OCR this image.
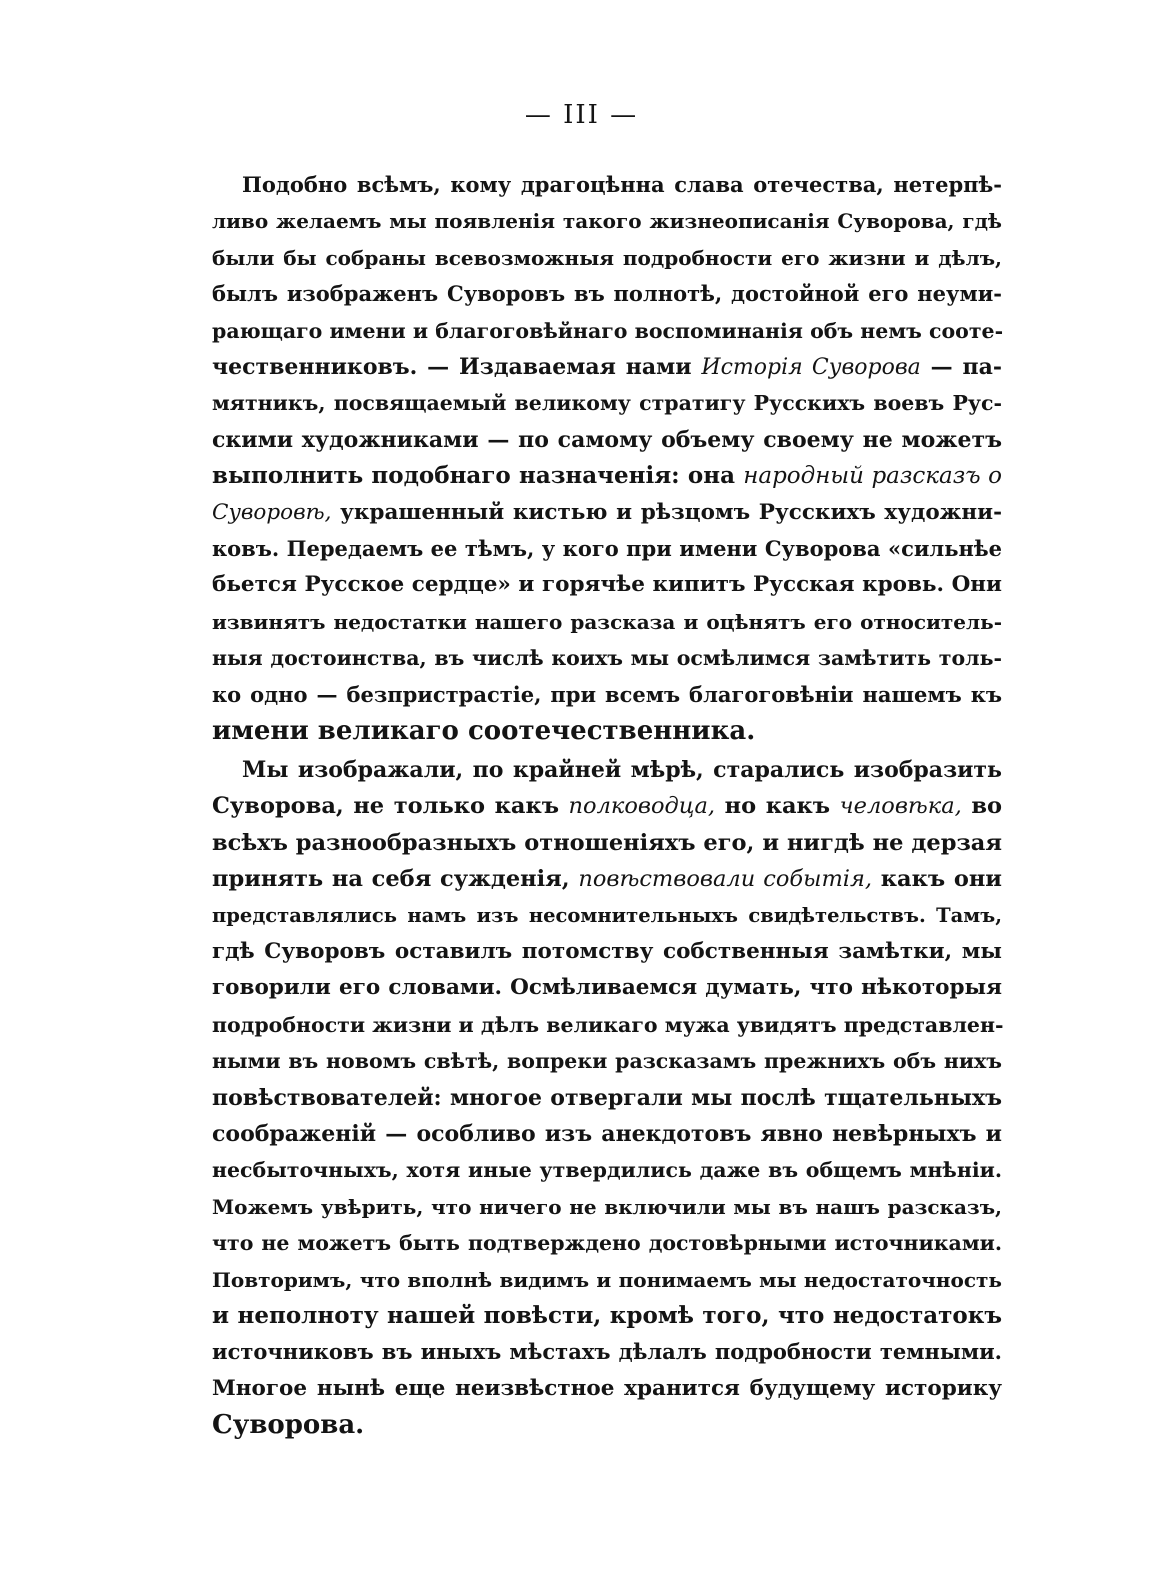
— III —
Подобно всѣмъ, кому драгоцѣнна слава отечества, нетерпѣ-
ливо желаемъ мы появленія такого жизнеописанія Суворова, гдѣ
были бы собраны всевозможныя подробности его жизни и дѣлъ,
былъ изображенъ Суворовъ въ полнотѣ, достойной его неуми-
рающаго имени и благоговѣйнаго воспоминанія объ немъ соотe-
чественниковъ. — Издаваемая нами Исторія Суворова — па-
мятникъ, посвящаемый великому стратигу Русскихъ воевъ Рус-
скими художниками — по самому объему своему не можетъ
выполнить подобнаго назначенія: она народный разсказъ о
Суворовѣ, украшенный кистью и рѣзцомъ Русскихъ художни-
ковъ. Передаемъ ее тѣмъ, у кого при имени Суворова «сильнѣе
бьется Русское сердце» и горячѣе кипитъ Русская кровь. Они
извинятъ недостатки нашего разсказа и оцѣнятъ его относитель-
ныя достоинства, въ числѣ коихъ мы осмѣлимся замѣтить толь-
ко одно — безпристрастіе, при всемъ благоговѣніи нашемъ къ
имени великаго соотечественника.
Мы изображали, по крайней мѣрѣ, старались изобразить
Суворова, не только какъ полководца, но какъ человѣка, во
всѣхъ разнообразныхъ отношеніяхъ его, и нигдѣ не дерзая
принять на себя сужденія, повѣствовали событія, какъ они
представлялись намъ изъ несомнительныхъ свидѣтельствъ. Тамъ,
гдѣ Суворовъ оставилъ потомству собственныя замѣтки, мы
говорили его словами. Осмѣливаемся думать, что нѣкоторыя
подробности жизни и дѣлъ великаго мужа увидятъ представлен-
ными въ новомъ свѣтѣ, вопреки разсказамъ прежнихъ объ нихъ
повѣствователей: многое отвергали мы послѣ тщательныхъ
соображеній — особливо изъ анекдотовъ явно невѣрныхъ и
несбыточныхъ, хотя иные утвердились даже въ общемъ мнѣніи.
Можемъ увѣрить, что ничего не включили мы въ нашъ разсказъ,
что не можетъ быть подтверждено достовѣрными источниками.
Повторимъ, что вполнѣ видимъ и понимаемъ мы недостаточность
и неполноту нашей повѣсти, кромѣ того, что недостатокъ
источниковъ въ иныхъ мѣстахъ дѣлалъ подробности темными.
Многое нынѣ еще неизвѣстное хранится будущему историку
Суворова.
